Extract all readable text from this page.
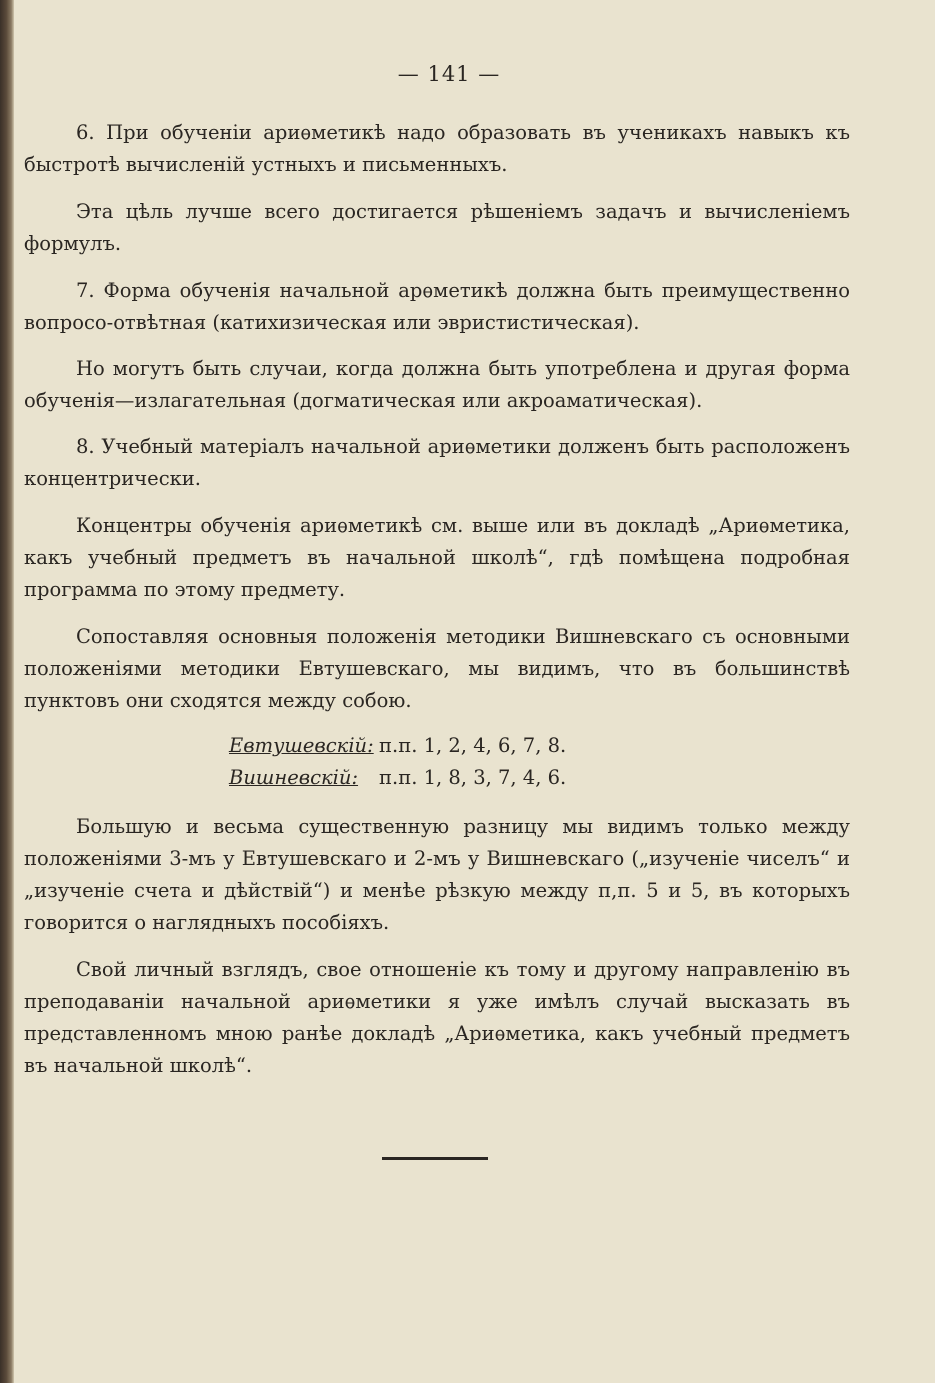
— 141 —

6. При обученіи ариѳметикѣ надо образовать въ ученикахъ навыкъ къ быстротѣ вычисленій устныхъ и письменныхъ.

Эта цѣль лучше всего достигается рѣшеніемъ задачъ и вычисленіемъ формулъ.

7. Форма обученія начальной арѳметикѣ должна быть преимущественно вопросо-отвѣтная (катихизическая или эвристистическая).

Но могутъ быть случаи, когда должна быть употреблена и другая форма обученія—излагательная (догматическая или акроаматическая).

8. Учебный матеріалъ начальной ариѳметики долженъ быть расположенъ концентрически.

Концентры обученія ариѳметикѣ см. выше или въ докладѣ „Ариѳметика, какъ учебный предметъ въ начальной школѣ“, гдѣ помѣщена подробная программа по этому предмету.

Сопоставляя основныя положенія методики Вишневскаго съ основными положеніями методики Евтушевскаго, мы видимъ, что въ большинствѣ пунктовъ они сходятся между собою.

Евтушевскій: п.п. 1, 2, 4, 6, 7, 8.
Вишневскій: п.п. 1, 8, 3, 7, 4, 6.

Большую и весьма существенную разницу мы видимъ только между положеніями 3-мъ у Евтушевскаго и 2-мъ у Вишневскаго („изученіе чиселъ“ и „изученіе счета и дѣйствій“) и менѣе рѣзкую между п,п. 5 и 5, въ которыхъ говорится о наглядныхъ пособіяхъ.

Свой личный взглядъ, свое отношеніе къ тому и другому направленію въ преподаваніи начальной ариѳметики я уже имѣлъ случай высказать въ представленномъ мною ранѣе докладѣ „Ариѳметика, какъ учебный предметъ въ начальной школѣ“.
